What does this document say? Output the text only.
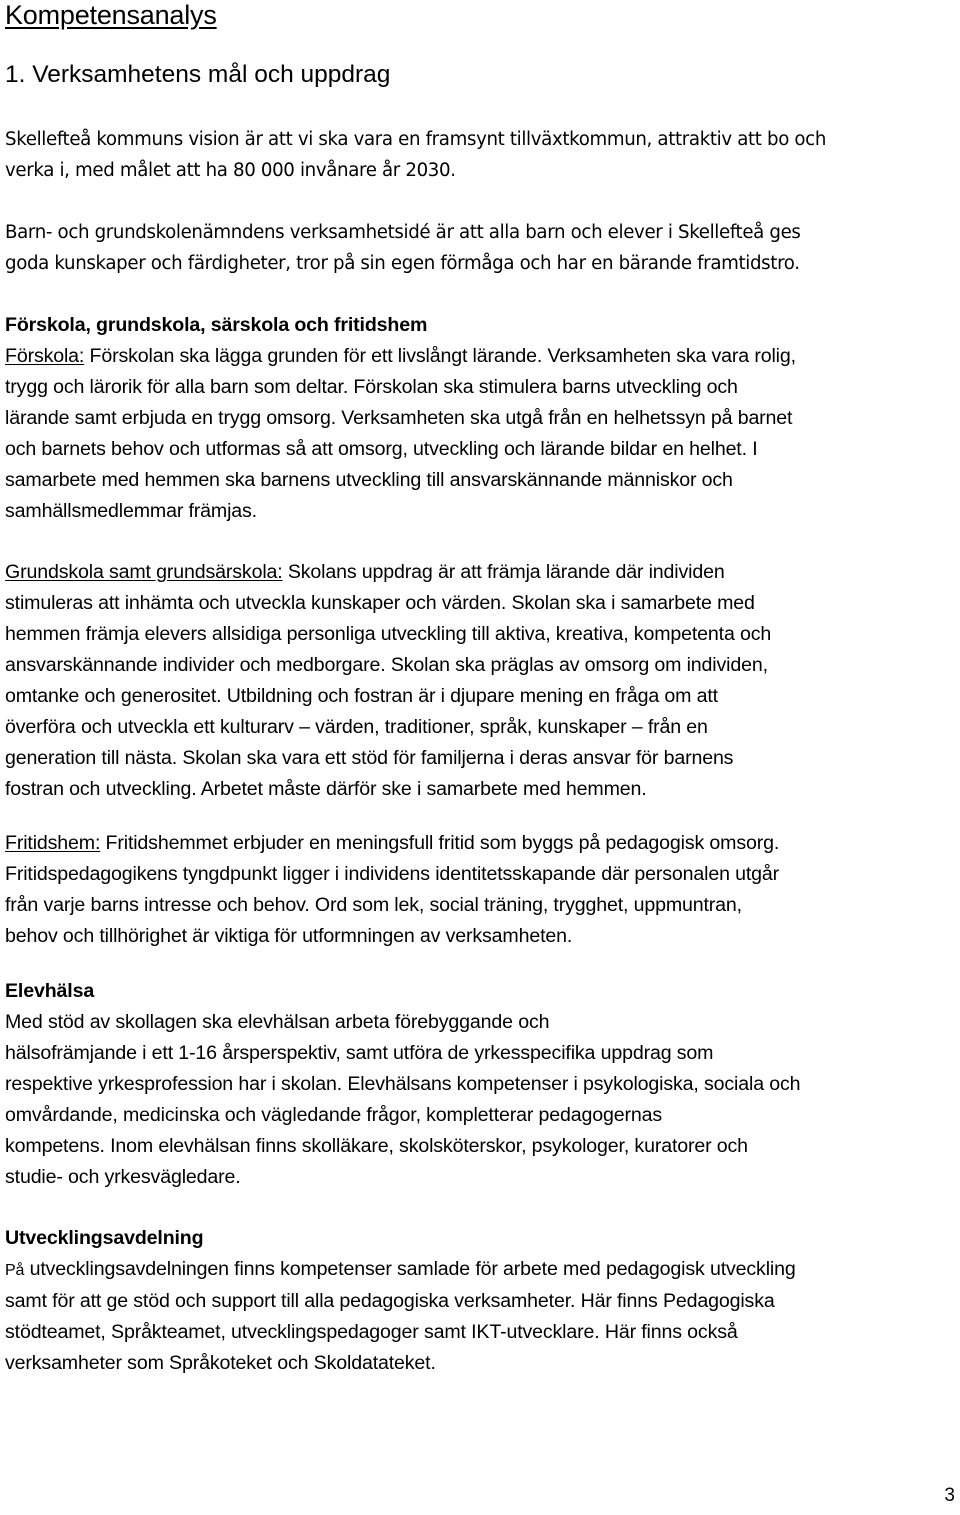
Kompetensanalys
1. Verksamhetens mål och uppdrag

Skellefteå kommuns vision är att vi ska vara en framsynt tillväxtkommun, attraktiv att bo och
verka i, med målet att ha 80 000 invånare år 2030.

Barn- och grundskolenämndens verksamhetsidé är att alla barn och elever i Skellefteå ges
goda kunskaper och färdigheter, tror på sin egen förmåga och har en bärande framtidstro.

Förskola, grundskola, särskola och fritidshem
Förskola: Förskolan ska lägga grunden för ett livslångt lärande. Verksamheten ska vara rolig,
trygg och lärorik för alla barn som deltar. Förskolan ska stimulera barns utveckling och
lärande samt erbjuda en trygg omsorg. Verksamheten ska utgå från en helhetssyn på barnet
och barnets behov och utformas så att omsorg, utveckling och lärande bildar en helhet. I
samarbete med hemmen ska barnens utveckling till ansvarskännande människor och
samhällsmedlemmar främjas.
Grundskola samt grundsärskola: Skolans uppdrag är att främja lärande där individen
stimuleras att inhämta och utveckla kunskaper och värden. Skolan ska i samarbete med
hemmen främja elevers allsidiga personliga utveckling till aktiva, kreativa, kompetenta och
ansvarskännande individer och medborgare. Skolan ska präglas av omsorg om individen,
omtanke och generositet. Utbildning och fostran är i djupare mening en fråga om att
överföra och utveckla ett kulturarv – värden, traditioner, språk, kunskaper – från en
generation till nästa. Skolan ska vara ett stöd för familjerna i deras ansvar för barnens
fostran och utveckling. Arbetet måste därför ske i samarbete med hemmen.
Fritidshem: Fritidshemmet erbjuder en meningsfull fritid som byggs på pedagogisk omsorg.
Fritidspedagogikens tyngdpunkt ligger i individens identitetsskapande där personalen utgår
från varje barns intresse och behov. Ord som lek, social träning, trygghet, uppmuntran,
behov och tillhörighet är viktiga för utformningen av verksamheten.
Elevhälsa
Med stöd av skollagen ska elevhälsan arbeta förebyggande och
hälsofrämjande i ett 1-16 årsperspektiv, samt utföra de yrkesspecifika uppdrag som
respektive yrkesprofession har i skolan. Elevhälsans kompetenser i psykologiska, sociala och
omvårdande, medicinska och vägledande frågor, kompletterar pedagogernas
kompetens. Inom elevhälsan finns skolläkare, skolsköterskor, psykologer, kuratorer och
studie- och yrkesvägledare.
Utvecklingsavdelning
På utvecklingsavdelningen finns kompetenser samlade för arbete med pedagogisk utveckling
samt för att ge stöd och support till alla pedagogiska verksamheter. Här finns Pedagogiska
stödteamet, Språkteamet, utvecklingspedagoger samt IKT-utvecklare. Här finns också
verksamheter som Språkoteket och Skoldatateket.
3
